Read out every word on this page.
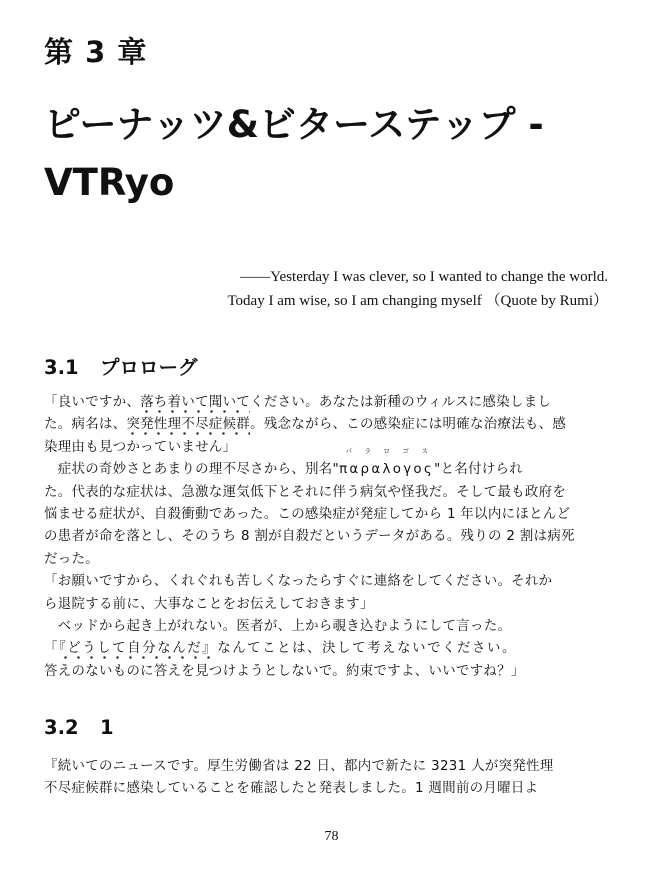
第 3 章
ピーナッツ&ビターステップ -
VTRyo
——Yesterday I was clever, so I wanted to change the world.
Today I am wise, so I am changing myself （Quote by Rumi）
3.1 プロローグ
「良いですか、落ち着いて聞いてください。あなたは新種のウィルスに感染しまし
た。病名は、突発性理不尽症候群。残念ながら、この感染症には明確な治療法も、感
染理由も見つかっていません」
　症状の奇妙さとあまりの理不尽さから、別名"παραλογος
パ ラ ロ ゴ ス
"と名付けられ
た。代表的な症状は、急激な運気低下とそれに伴う病気や怪我だ。そして最も政府を
悩ませる症状が、自殺衝動であった。この感染症が発症してから 1 年以内にほとんど
の患者が命を落とし、そのうち 8 割が自殺だというデータがある。残りの 2 割は病死
だった。
「お願いですから、くれぐれも苦しくなったらすぐに連絡をしてください。それか
ら退院する前に、大事なことをお伝えしておきます」
　ベッドから起き上がれない。医者が、上から覗き込むようにして言った。
「『どうして自分なんだ』なんてことは、決して考えないでください。
答えのないものに答えを見つけようとしないで。約束ですよ、いいですね？」
3.2 1
『続いてのニュースです。厚生労働省は 22 日、都内で新たに 3231 人が突発性理
不尽症候群に感染していることを確認したと発表しました。1 週間前の月曜日よ
78
